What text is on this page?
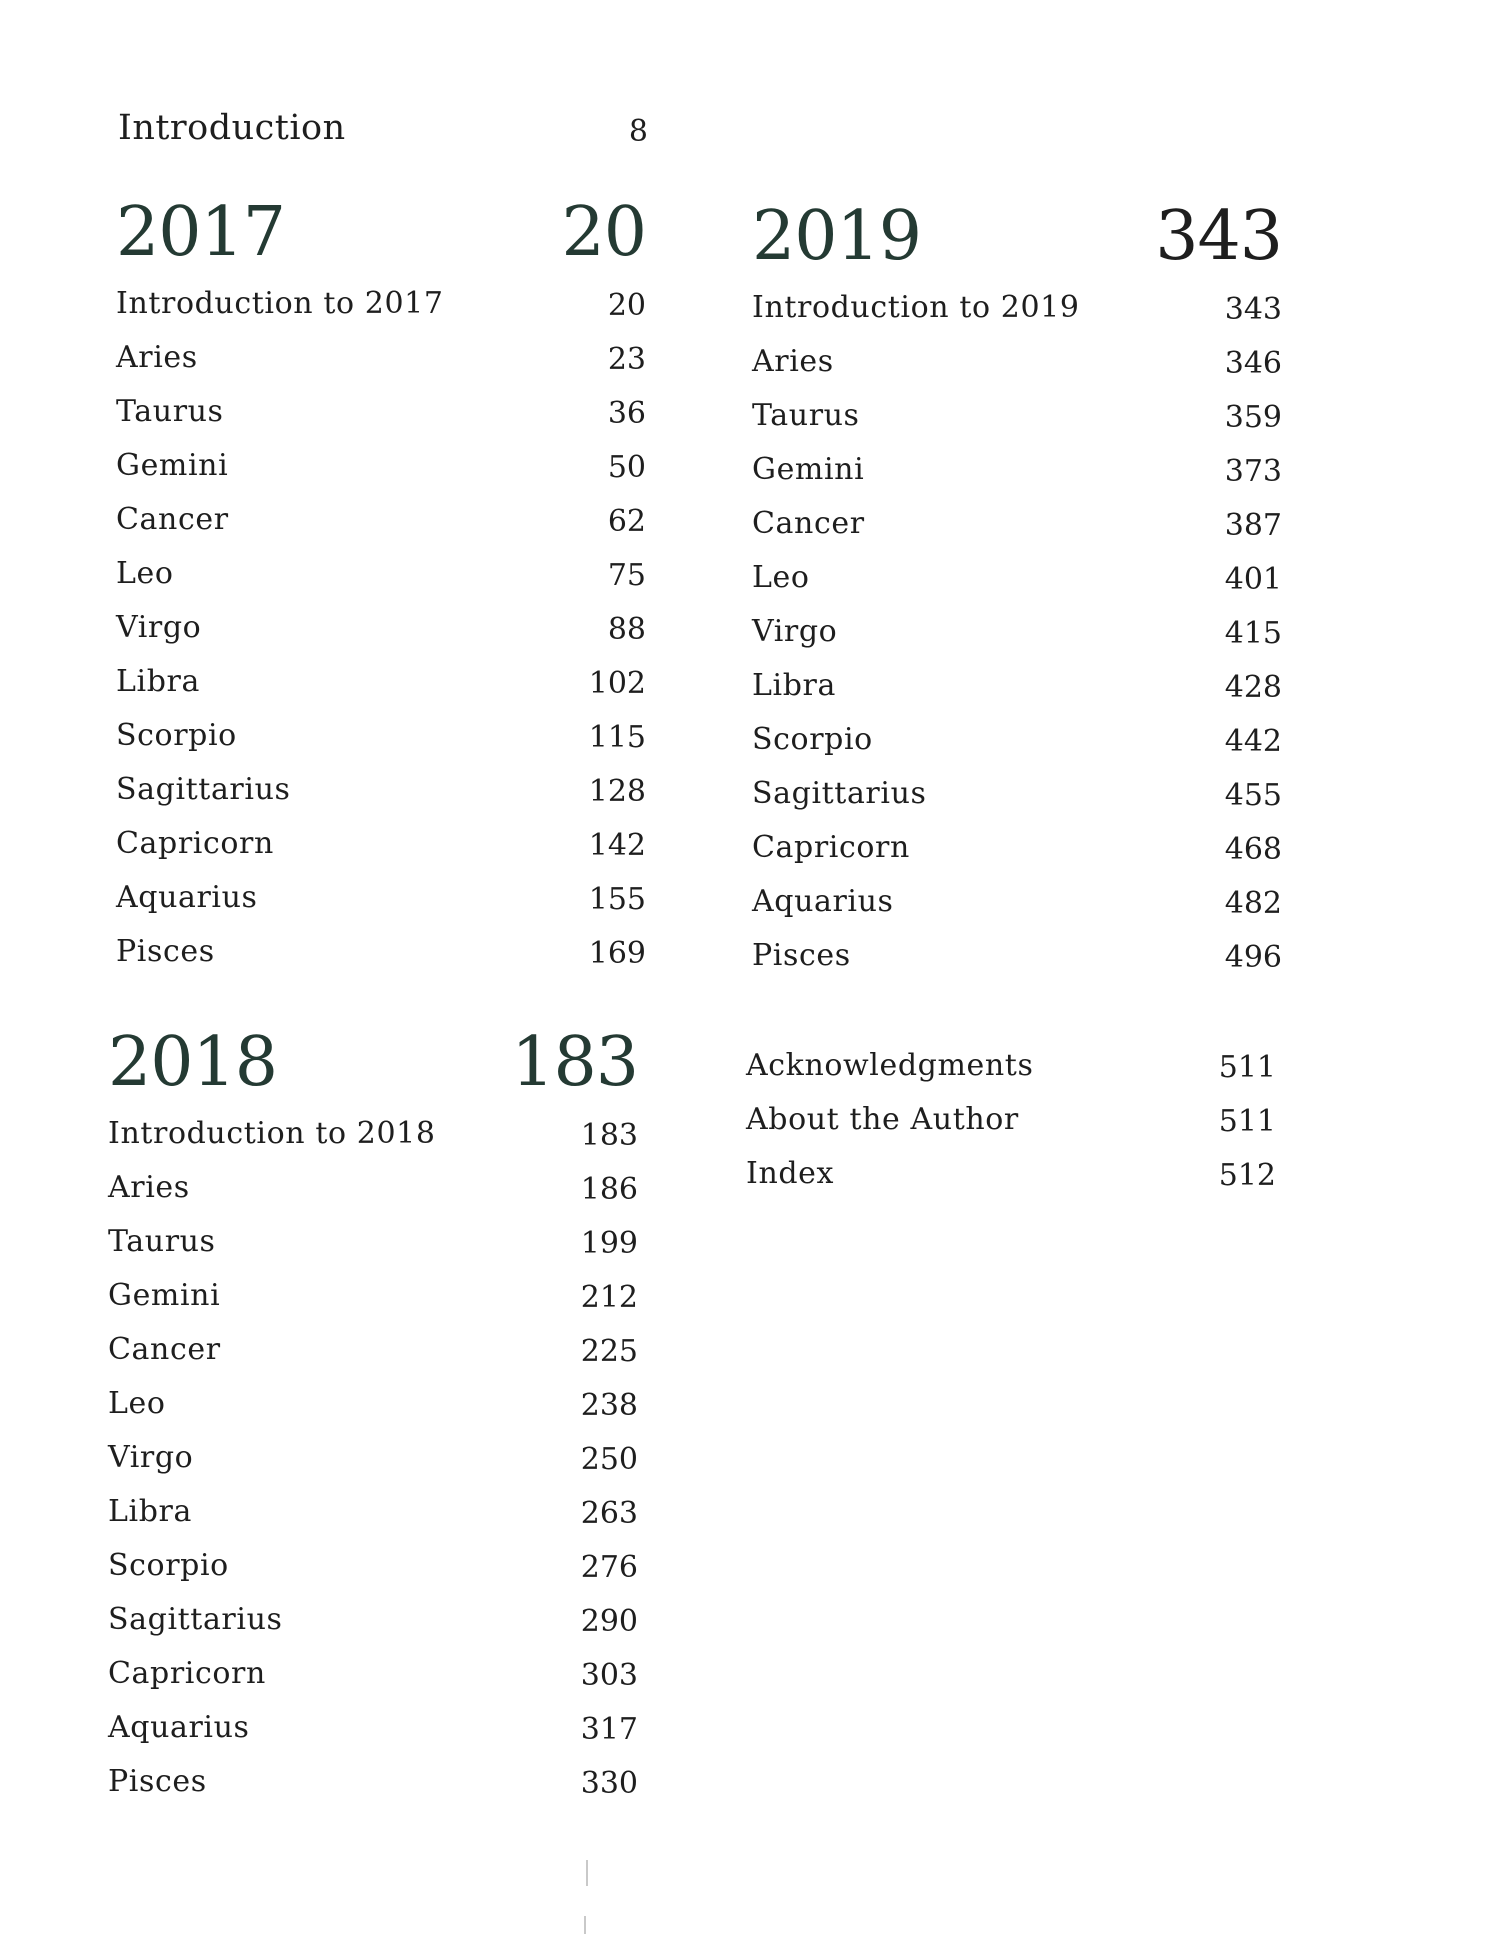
Introduction	8
2017	20
Introduction to 2017	20
Aries	23
Taurus	36
Gemini	50
Cancer	62
Leo	75
Virgo	88
Libra	102
Scorpio	115
Sagittarius	128
Capricorn	142
Aquarius	155
Pisces	169
2018	183
Introduction to 2018	183
Aries	186
Taurus	199
Gemini	212
Cancer	225
Leo	238
Virgo	250
Libra	263
Scorpio	276
Sagittarius	290
Capricorn	303
Aquarius	317
Pisces	330
2019	343
Introduction to 2019	343
Aries	346
Taurus	359
Gemini	373
Cancer	387
Leo	401
Virgo	415
Libra	428
Scorpio	442
Sagittarius	455
Capricorn	468
Aquarius	482
Pisces	496
Acknowledgments	511
About the Author	511
Index	512
